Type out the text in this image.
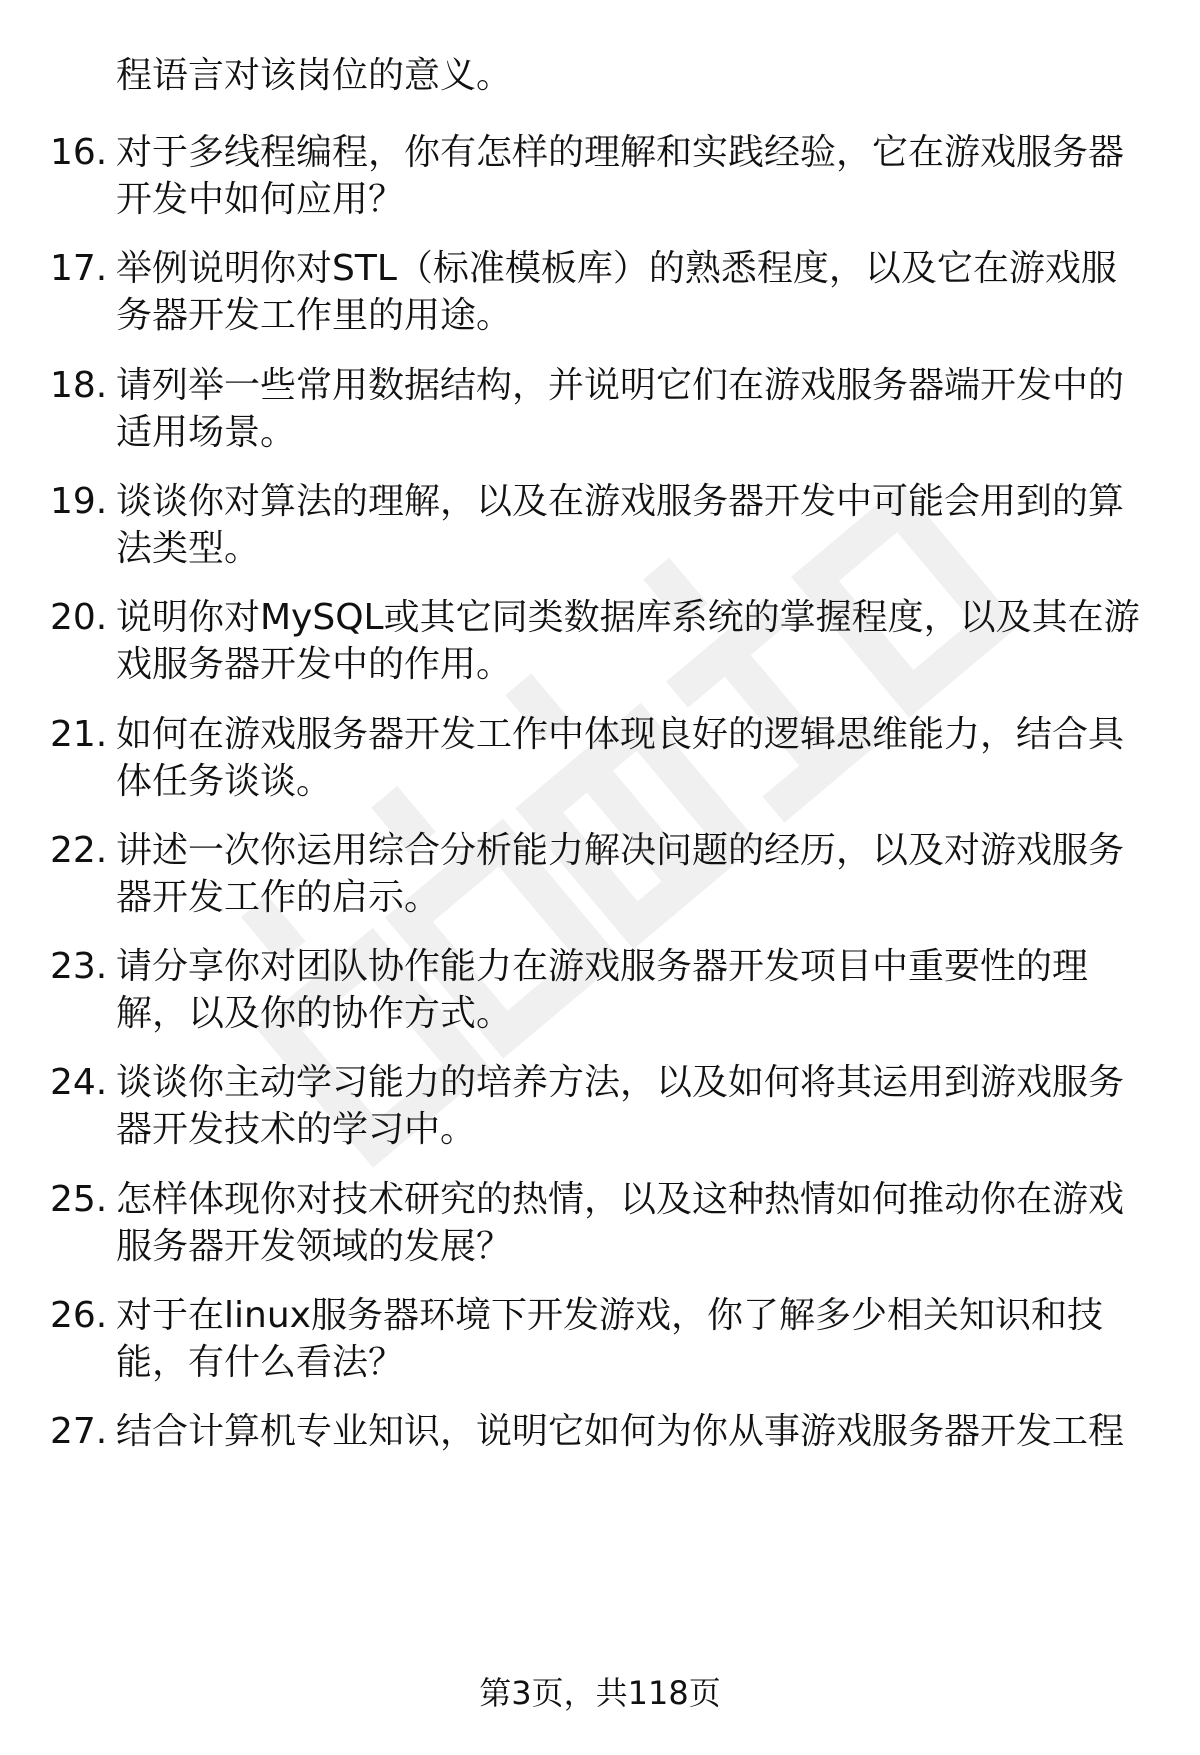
程语言对该岗位的意义。
16. 对于多线程编程，你有怎样的理解和实践经验，它在游戏服务器
开发中如何应用？
17. 举例说明你对STL（标准模板库）的熟悉程度，以及它在游戏服
务器开发工作里的用途。
18. 请列举一些常用数据结构，并说明它们在游戏服务器端开发中的
适用场景。
19. 谈谈你对算法的理解，以及在游戏服务器开发中可能会用到的算
法类型。
20. 说明你对MySQL或其它同类数据库系统的掌握程度，以及其在游
戏服务器开发中的作用。
21. 如何在游戏服务器开发工作中体现良好的逻辑思维能力，结合具
体任务谈谈。
22. 讲述一次你运用综合分析能力解决问题的经历，以及对游戏服务
器开发工作的启示。
23. 请分享你对团队协作能力在游戏服务器开发项目中重要性的理
解，以及你的协作方式。
24. 谈谈你主动学习能力的培养方法，以及如何将其运用到游戏服务
器开发技术的学习中。
25. 怎样体现你对技术研究的热情，以及这种热情如何推动你在游戏
服务器开发领域的发展？
26. 对于在linux服务器环境下开发游戏，你了解多少相关知识和技
能，有什么看法？
27. 结合计算机专业知识，说明它如何为你从事游戏服务器开发工程
第3页，共118页
